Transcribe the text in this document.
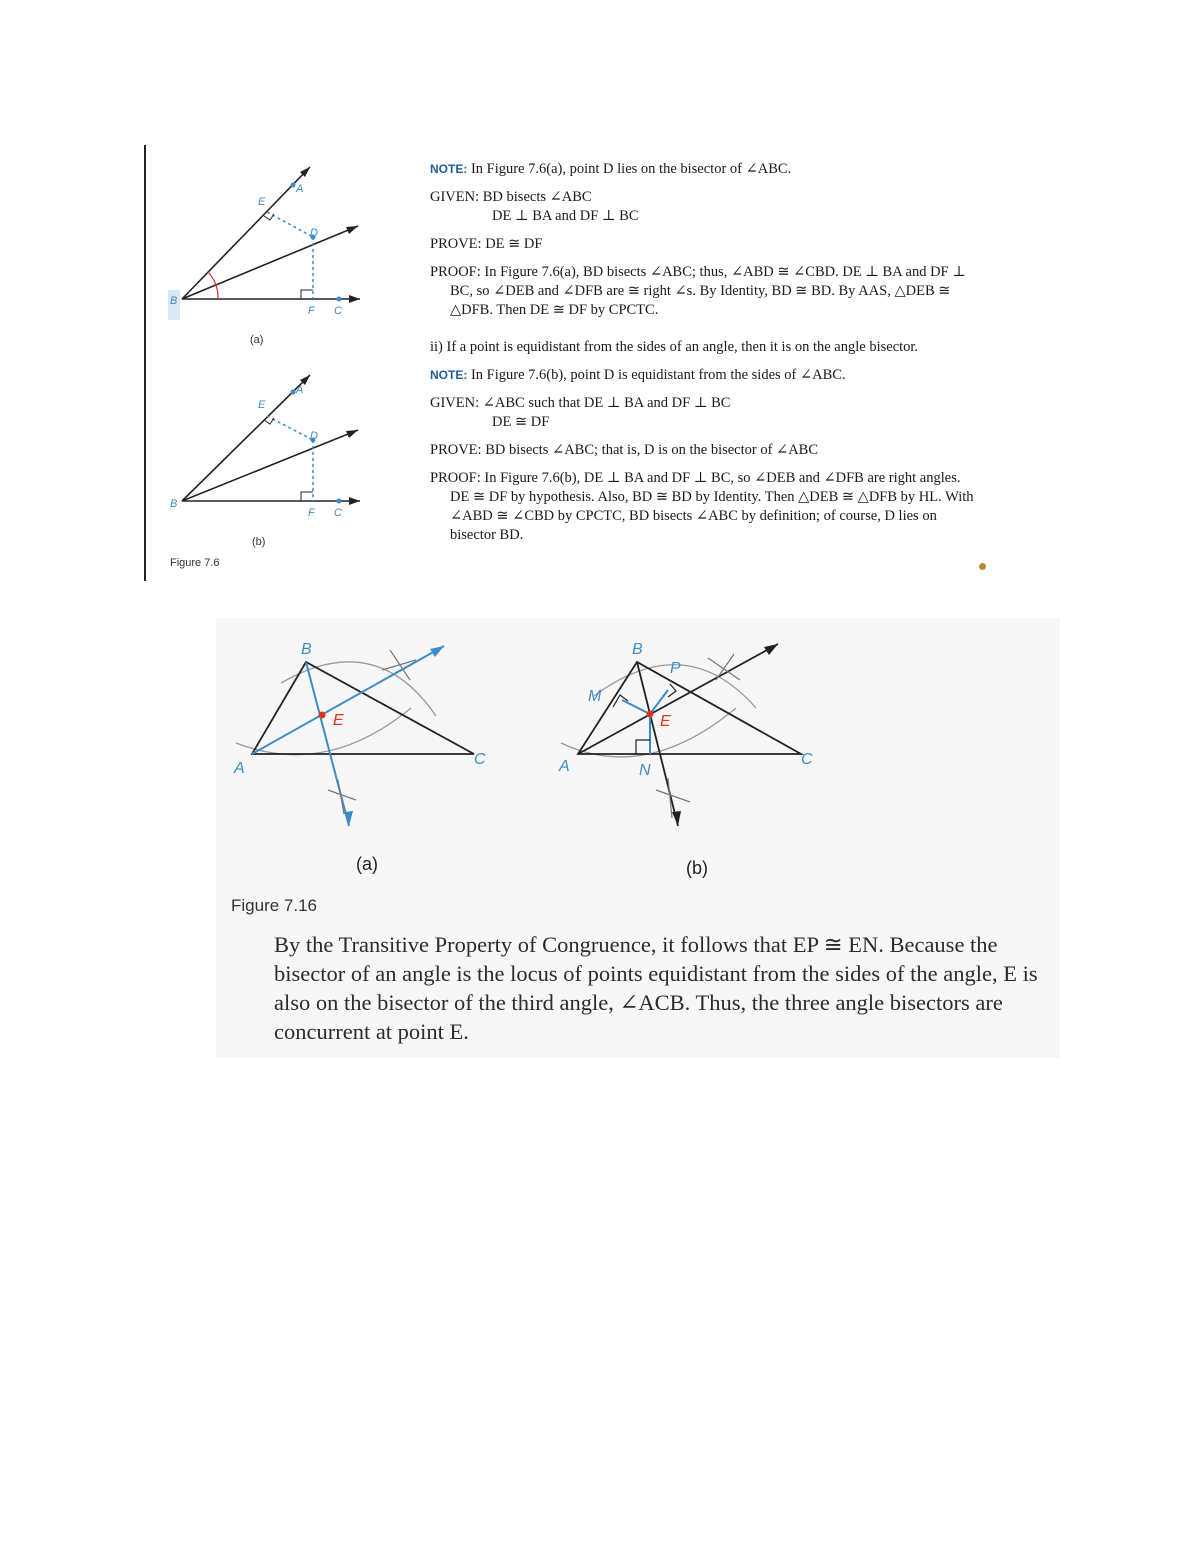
A
E
D
B
F C
(a)
A
E
D
B
F C
(b)
Figure 7.6

NOTE: In Figure 7.6(a), point D lies on the bisector of ∠ABC.

GIVEN: BD bisects ∠ABC
DE ⊥ BA and DF ⊥ BC

PROVE: DE ≅ DF

PROOF: In Figure 7.6(a), BD bisects ∠ABC; thus, ∠ABD ≅ ∠CBD. DE ⊥ BA and DF ⊥ BC, so ∠DEB and ∠DFB are ≅ right ∠s. By Identity, BD ≅ BD. By AAS, △DEB ≅ △DFB. Then DE ≅ DF by CPCTC.

ii) If a point is equidistant from the sides of an angle, then it is on the angle bisector.

NOTE: In Figure 7.6(b), point D is equidistant from the sides of ∠ABC.

GIVEN: ∠ABC such that DE ⊥ BA and DF ⊥ BC
DE ≅ DF

PROVE: BD bisects ∠ABC; that is, D is on the bisector of ∠ABC

PROOF: In Figure 7.6(b), DE ⊥ BA and DF ⊥ BC, so ∠DEB and ∠DFB are right angles. DE ≅ DF by hypothesis. Also, BD ≅ BD by Identity. Then △DEB ≅ △DFB by HL. With ∠ABD ≅ ∠CBD by CPCTC, BD bisects ∠ABC by definition; of course, D lies on bisector BD.

B
A
C
E
B
A	C
E
M
N
P
(a)	(b)
Figure 7.16
By the Transitive Property of Congruence, it follows that EP ≅ EN. Because the bisector of an angle is the locus of points equidistant from the sides of the angle, E is also on the bisector of the third angle, ∠ACB. Thus, the three angle bisectors are concurrent at point E.
